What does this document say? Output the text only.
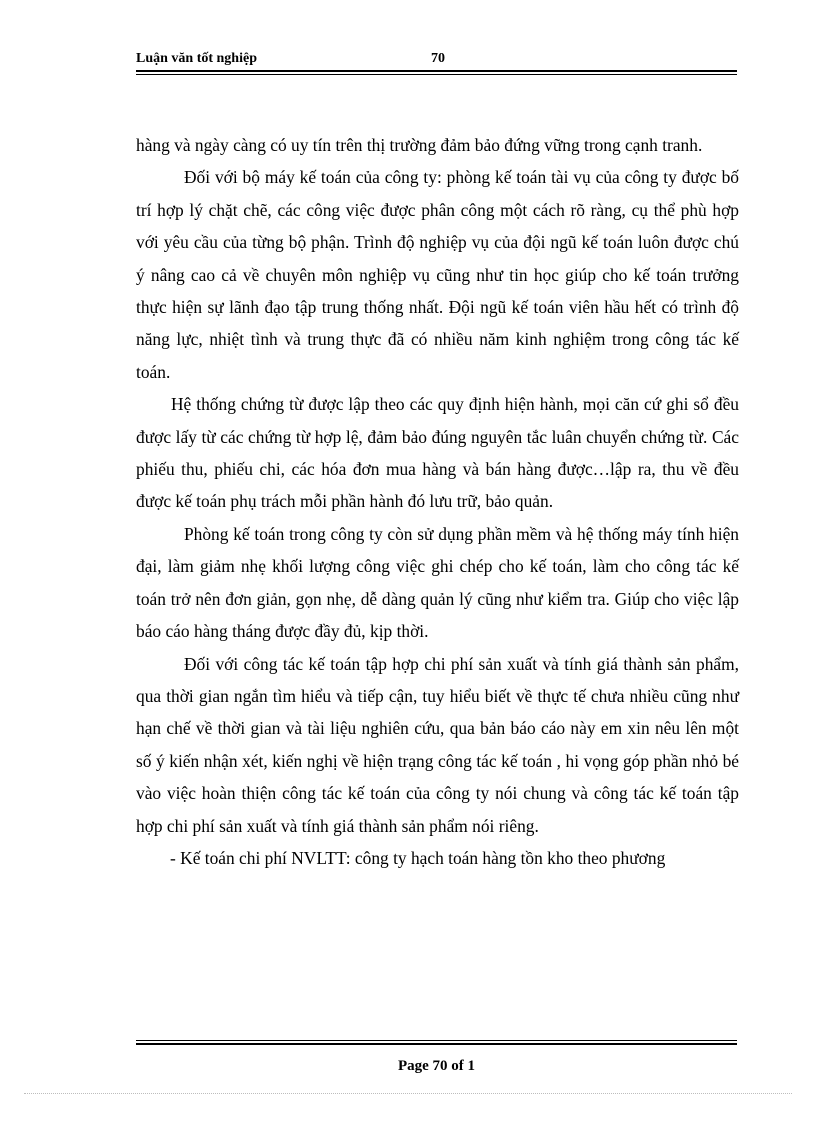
Luận văn tốt nghiệp	70

hàng và ngày càng có uy tín trên thị trường đảm bảo đứng vững trong cạnh tranh.

Đối với bộ máy kế toán của công ty: phòng kế toán tài vụ của công ty được bố trí hợp lý chặt chẽ, các công việc được phân công một cách rõ ràng, cụ thể phù hợp với yêu cầu của từng bộ phận. Trình độ nghiệp vụ của đội ngũ kế toán luôn được chú ý nâng cao cả về chuyên môn nghiệp vụ cũng như tin học giúp cho kế toán trưởng thực hiện sự lãnh đạo tập trung thống nhất. Đội ngũ kế toán viên hầu hết có trình độ năng lực, nhiệt tình và trung thực đã có nhiều năm kinh nghiệm trong công tác kế toán.

Hệ thống chứng từ được lập theo các quy định hiện hành, mọi căn cứ ghi sổ đều được lấy từ các chứng từ hợp lệ, đảm bảo đúng nguyên tắc luân chuyển chứng từ. Các phiếu thu, phiếu chi, các hóa đơn mua hàng và bán hàng được…lập ra, thu về đều được kế toán phụ trách mỗi phần hành đó lưu trữ, bảo quản.

Phòng kế toán trong công ty còn sử dụng phần mềm và hệ thống máy tính hiện đại, làm giảm nhẹ khối lượng công việc ghi chép cho kế toán, làm cho công tác kế toán trở nên đơn giản, gọn nhẹ, dễ dàng quản lý cũng như kiểm tra. Giúp cho việc lập báo cáo hàng tháng được đầy đủ, kịp thời.

Đối với công tác kế toán tập hợp chi phí sản xuất và tính giá thành sản phẩm, qua thời gian ngắn tìm hiểu và tiếp cận, tuy hiểu biết về thực tế chưa nhiều cũng như hạn chế về thời gian và tài liệu nghiên cứu, qua bản báo cáo này em xin nêu lên một số ý kiến nhận xét, kiến nghị về hiện trạng công tác kế toán , hi vọng góp phần nhỏ bé vào việc hoàn thiện công tác kế toán của công ty nói chung và công tác kế toán tập hợp chi phí sản xuất và tính giá thành sản phẩm nói riêng.

- Kế toán chi phí NVLTT: công ty hạch toán hàng tồn kho theo phương

Page 70 of 1
